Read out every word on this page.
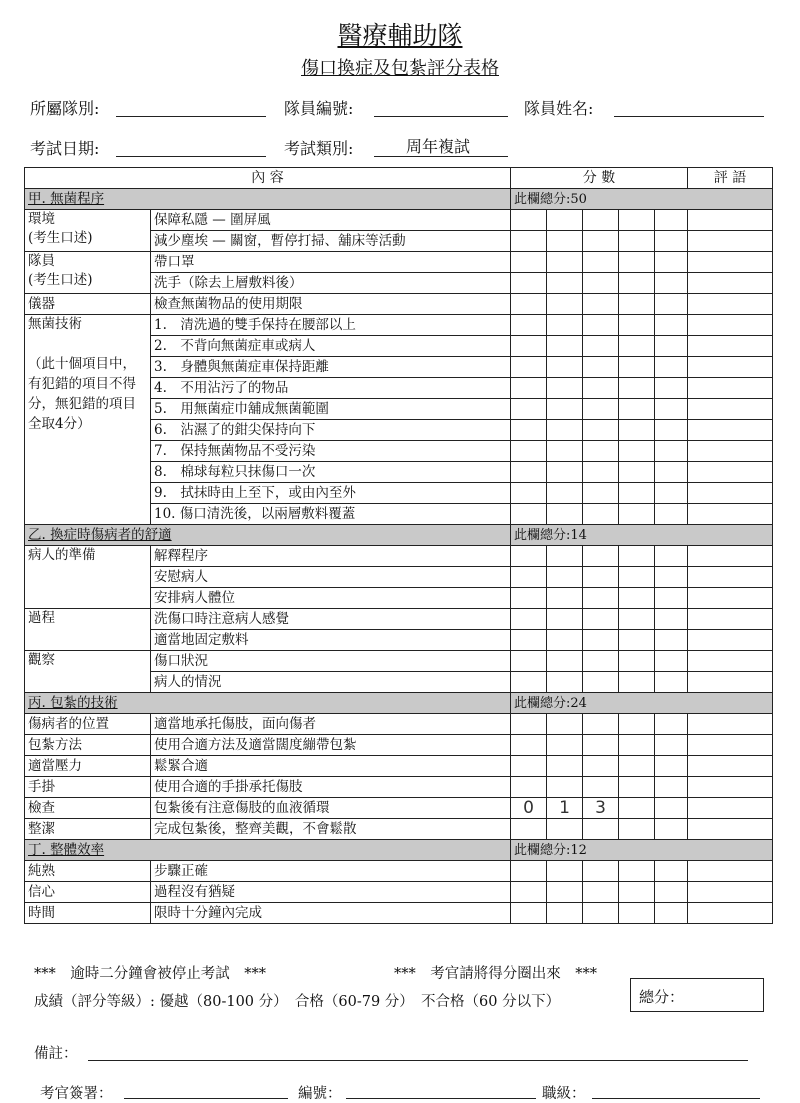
醫療輔助隊
傷口換症及包紮評分表格
所屬隊別:	隊員編號:	隊員姓名:
考試日期:	考試類別:	周年複試
內 容		分 數					評 語
甲. 無菌程序		此欄總分:50					
環境
(考生口述)	保障私隱 — 圍屏風						
	減少塵埃 — 關窗，暫停打掃、舖床等活動						
隊員
(考生口述)	帶口罩						
	洗手（除去上層敷料後）						
儀器	檢查無菌物品的使用期限						

無菌技術
（此十個項目中，有犯錯的項目不得分，無犯錯的項目全取4分）	1.　清洗過的雙手保持在腰部以上						
	2.　不背向無菌症車或病人						
	3.　身體與無菌症車保持距離						
	4.　不用沾污了的物品						
	5.　用無菌症巾舖成無菌範圍						
	6.　沾濕了的鉗尖保持向下						
	7.　保持無菌物品不受污染						
	8.　棉球每粒只抹傷口一次						
	9.　拭抹時由上至下，或由內至外						
	10. 傷口清洗後，以兩層敷料覆蓋						
乙. 換症時傷病者的舒適		此欄總分:14					
病人的準備	解釋程序						
	安慰病人						
	安排病人體位						
過程	洗傷口時注意病人感覺						
	適當地固定敷料						
觀察	傷口狀況						
	病人的情況						
丙. 包紮的技術		此欄總分:24					
傷病者的位置	適當地承托傷肢，面向傷者						
包紮方法	使用合適方法及適當闊度繃帶包紮						
適當壓力	鬆緊合適						
手掛	使用合適的手掛承托傷肢						
檢查	包紮後有注意傷肢的血液循環	0	1	3			
整潔	完成包紮後，整齊美觀，不會鬆散						
丁. 整體效率		此欄總分:12					
純熟	步驟正確						
信心	過程沒有猶疑						
時間	限時十分鐘內完成						
***　逾時二分鐘會被停止考試　***	***　考官請將得分圈出來　***
成績（評分等級）: 優越（80-100 分）　合格（60-79 分）　不合格（60 分以下）	總分：
備註：
考官簽署：	編號：	職級：
